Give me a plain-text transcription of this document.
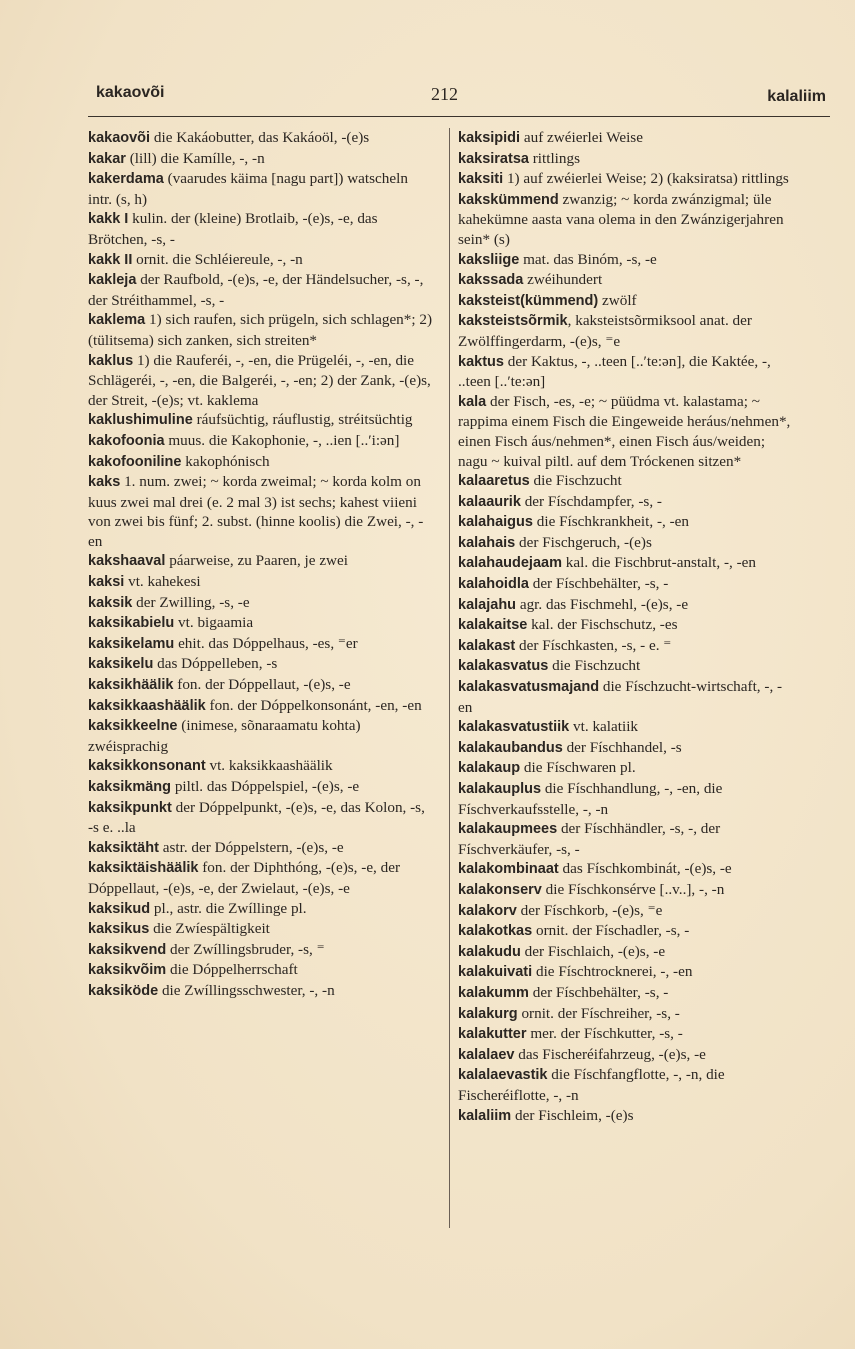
kakaovõi	212	kalaliim

kakaovõi die Kakáobutter, das Kakáoöl, -(e)s

kakar (lill) die Kamílle, -, -n

kakerdama (vaarudes käima [nagu part]) watscheln intr. (s, h)

kakk I kulin. der (kleine) Brotlaib, -(e)s, -e, das Brötchen, -s, -

kakk II ornit. die Schléiereule, -, -n

kakleja der Raufbold, -(e)s, -e, der Händelsucher, -s, -, der Stréithammel, -s, -

kaklema 1) sich raufen, sich prügeln, sich schlagen*; 2) (tülitsema) sich zanken, sich streiten*

kaklus 1) die Rauferéi, -, -en, die Prügeléi, -, -en, die Schlägeréi, -, -en, die Balgeréi, -, -en; 2) der Zank, -(e)s, der Streit, -(e)s; vt. kaklema

kaklushimuline ráufsüchtig, ráuflustig, stréitsüchtig

kakofoonia muus. die Kakophonie, -, ..ien [..ʹi:ən]

kakofooniline kakophónisch

kaks 1. num. zwei; ~ korda zweimal; ~ korda kolm on kuus zwei mal drei (e. 2 mal 3) ist sechs; kahest viieni von zwei bis fünf; 2. subst. (hinne koolis) die Zwei, -, -en

kakshaaval páarweise, zu Paaren, je zwei

kaksi vt. kahekesi

kaksik der Zwilling, -s, -e

kaksikabielu vt. bigaamia

kaksikelamu ehit. das Dóppelhaus, -es, ⁼er

kaksikelu das Dóppelleben, -s

kaksikhäälik fon. der Dóppellaut, -(e)s, -e

kaksikkaashäälik fon. der Dóppelkonsonánt, -en, -en

kaksikkeelne (inimese, sõnaraamatu kohta) zwéisprachig

kaksikkonsonant vt. kaksikkaashäälik

kaksikmäng piltl. das Dóppelspiel, -(e)s, -e

kaksikpunkt der Dóppelpunkt, -(e)s, -e, das Kolon, -s, -s e. ..la

kaksiktäht astr. der Dóppelstern, -(e)s, -e

kaksiktäishäälik fon. der Diphthóng, -(e)s, -e, der Dóppellaut, -(e)s, -e, der Zwielaut, -(e)s, -e

kaksikud pl., astr. die Zwíllinge pl.

kaksikus die Zwíespältigkeit

kaksikvend der Zwíllingsbruder, -s, ⁼

kaksikvõim die Dóppelherrschaft

kaksiköde die Zwíllingsschwester, -, -n

kaksipidi auf zwéierlei Weise

kaksiratsa rittlings

kaksiti 1) auf zwéierlei Weise; 2) (kaksiratsa) rittlings

kakskümmend zwanzig; ~ korda zwánzigmal; üle kahekümne aasta vana olema in den Zwánzigerjahren sein* (s)

kaksliige mat. das Binóm, -s, -e

kakssada zwéihundert

kaksteist(kümmend) zwölf

kaksteistsõrmik, kaksteistsõrmiksool anat. der Zwölffingerdarm, -(e)s, ⁼e

kaktus der Kaktus, -, ..teen [..ʹte:ən], die Kaktée, -, ..teen [..ʹte:ən]

kala der Fisch, -es, -e; ~ püüdma vt. kalastama; ~ rappima einem Fisch die Eingeweide heráus/nehmen*, einen Fisch áus/nehmen*, einen Fisch áus/weiden; nagu ~ kuival piltl. auf dem Tróckenen sitzen*

kalaaretus die Fischzucht

kalaaurik der Físchdampfer, -s, -

kalahaigus die Físchkrankheit, -, -en

kalahais der Fischgeruch, -(e)s

kalahaudejaam kal. die Fischbrut-anstalt, -, -en

kalahoidla der Físchbehälter, -s, -

kalajahu agr. das Fischmehl, -(e)s, -e

kalakaitse kal. der Fischschutz, -es

kalakast der Físchkasten, -s, - e. ⁼

kalakasvatus die Fischzucht

kalakasvatusmajand die Físchzucht-wirtschaft, -, -en

kalakasvatustiik vt. kalatiik

kalakaubandus der Físchhandel, -s

kalakaup die Físchwaren pl.

kalakauplus die Físchhandlung, -, -en, die Físchverkaufsstelle, -, -n

kalakaupmees der Físchhändler, -s, -, der Físchverkäufer, -s, -

kalakombinaat das Físchkombinát, -(e)s, -e

kalakonserv die Físchkonsérve [..v..], -, -n

kalakorv der Físchkorb, -(e)s, ⁼e

kalakotkas ornit. der Físchadler, -s, -

kalakudu der Fischlaich, -(e)s, -e

kalakuivati die Físchtrocknerei, -, -en

kalakumm der Físchbehälter, -s, -

kalakurg ornit. der Físchreiher, -s, -

kalakutter mer. der Físchkutter, -s, -

kalalaev das Fischeréifahrzeug, -(e)s, -e

kalalaevastik die Físchfangflotte, -, -n, die Fischeréiflotte, -, -n

kalaliim der Fischleim, -(e)s
